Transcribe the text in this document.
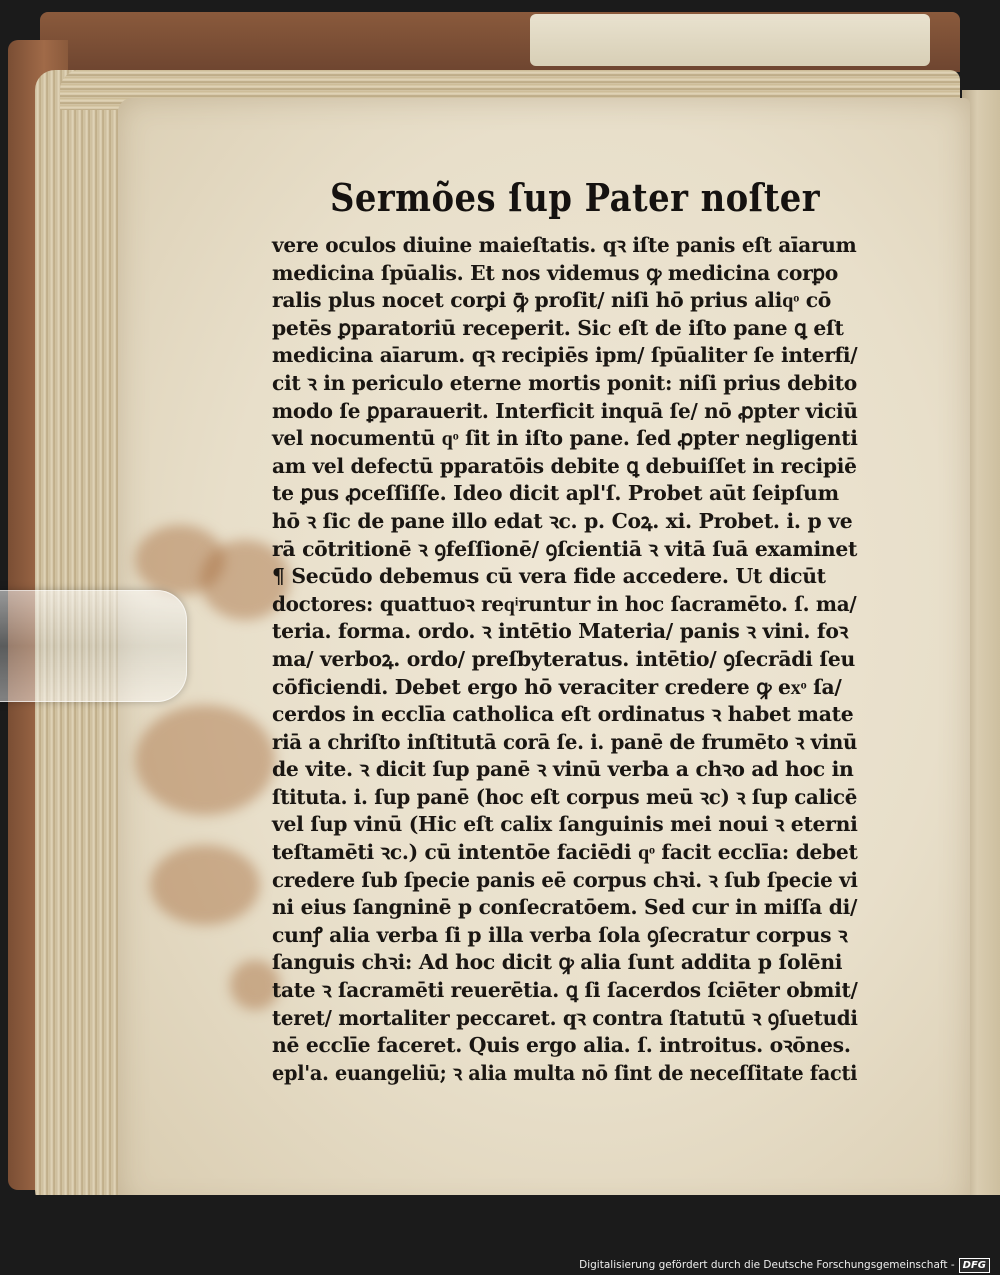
Sermões ſup Pater noſter
vere oculos diuine maieſtatis. qꝛ iſte panis eſt aīarum medicina ſpūalis. Et nos videmus ꝙ medicina corꝑo ralis plus nocet corꝑi ꝙ̄ proſit/ niſi hō prius aliqͦ cō petēs ꝑparatoriū receperit. Sic eſt de iſto pane ꝗ eſt medicina aīarum. qꝛ recipiēs ipm/ ſpūaliter ſe interfi/ cit ꝛ in periculo eterne mortis ponit: niſi prius debito modo ſe ꝑparauerit. Interficit inquā ſe/ nō ꝓpter viciū vel nocumentū qͦ ſit in iſto pane. ſed ꝓpter negligenti am vel defectū pparatōis debite ꝗ debuiſſet in recipiē te ꝑus ꝓceſſiſſe. Ideo dicit apl'ſ. Probet aūt ſeipſum hō ꝛ ſic de pane illo edat ꝛc. p. Coꝝ. xi. Probet. i. p ve rā cōtritionē ꝛ ꝯfeſſionē/ ꝯſcientiā ꝛ vitā ſuā examinet ¶ Secūdo debemus cū vera fide accedere. Ut dicūt doctores: quattuoꝛ reqͥruntur in hoc ſacramēto. ſ. ma/ teria. forma. ordo. ꝛ intētio Materia/ panis ꝛ vini. foꝛ ma/ verboꝝ. ordo/ preſbyteratus. intētio/ ꝯſecrādi ſeu cōficiendi. Debet ergo hō veraciter credere ꝙ exͦ ſa/ cerdos in ecclīa catholica eſt ordinatus ꝛ habet mate riā a chriſto inſtitutā corā ſe. i. panē de frumēto ꝛ vinū de vite. ꝛ dicit ſup panē ꝛ vinū verba a chꝛo ad hoc in ſtituta. i. ſup panē (hoc eſt corpus meū ꝛc) ꝛ ſup calicē vel ſup vinū (Hic eſt calix ſanguinis mei noui ꝛ eterni teſtamēti ꝛc.) cū intentōe faciēdi qͦ facit ecclīa: debet credere ſub ſpecie panis eē corpus chꝛi. ꝛ ſub ſpecie vi ni eius ſangninē p conſecratōem. Sed cur in miſſa di/ cunꝭ alia verba ſi p illa verba ſola ꝯſecratur corpus ꝛ ſanguis chꝛi: Ad hoc dicit ꝙ alia ſunt addita p ſolēni tate ꝛ ſacramēti reuerētia. ꝗ ſi ſacerdos ſciēter obmit/ teret/ mortaliter peccaret. qꝛ contra ſtatutū ꝛ ꝯſuetudi nē ecclīe faceret. Quis ergo alia. ſ. introitus. oꝛōnes. epl'a. euangeliū; ꝛ alia multa nō ſint de neceſſitate facti
Digitalisierung gefördert durch die Deutsche Forschungsgemeinschaft - DFG
